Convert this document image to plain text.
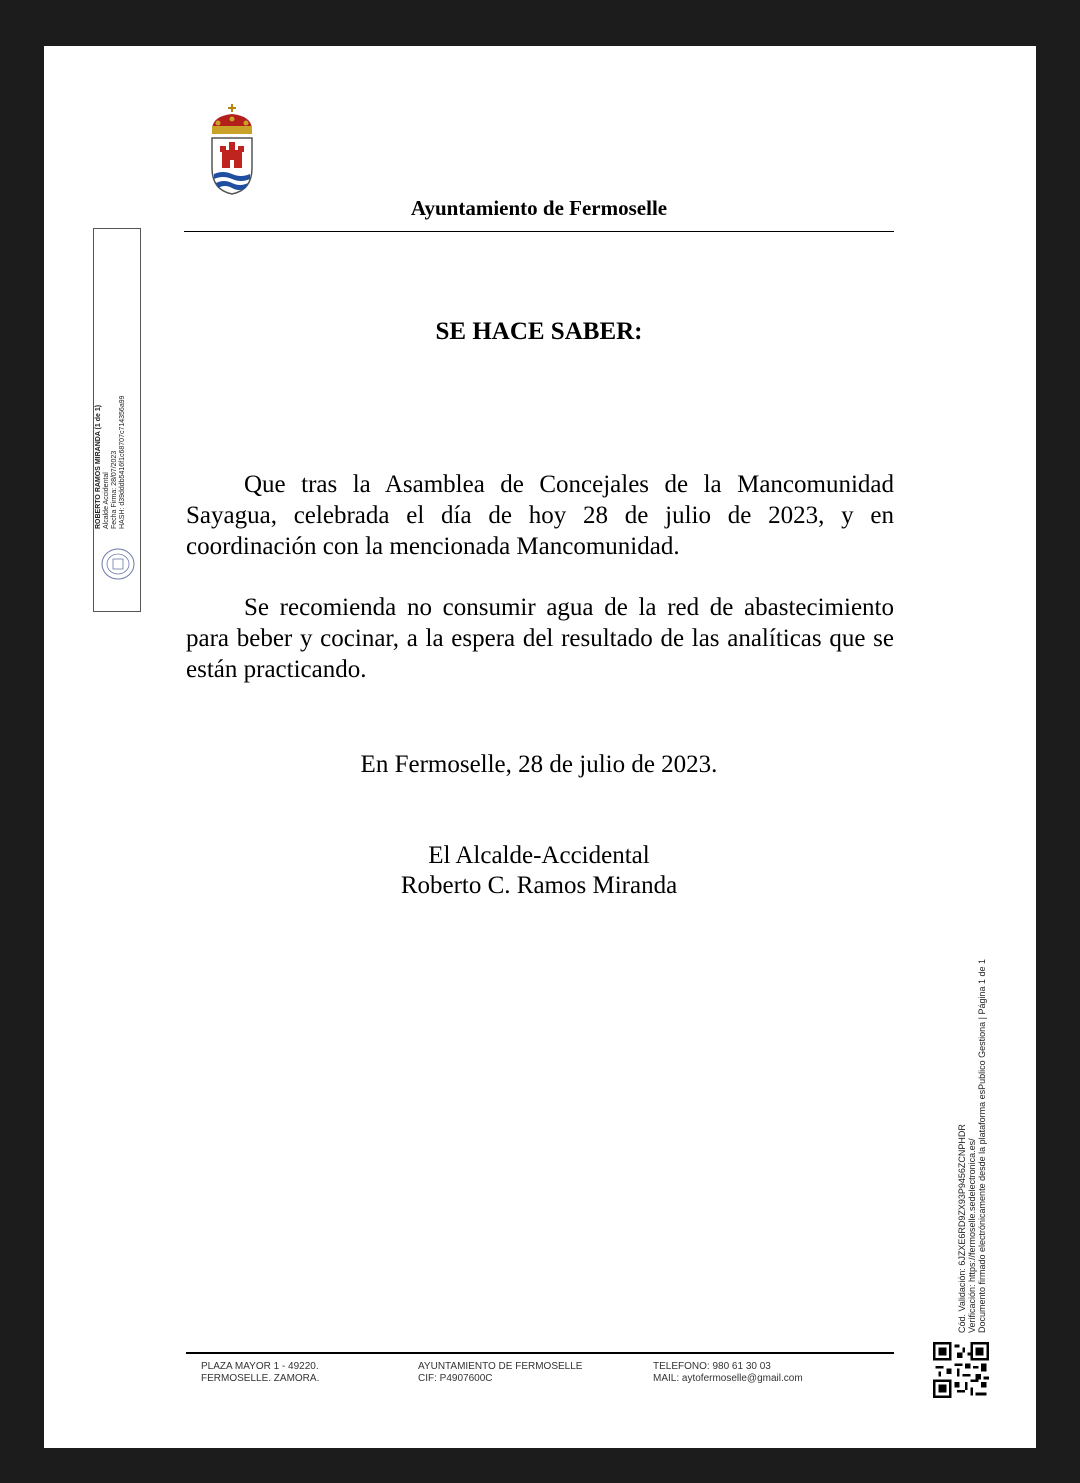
Ayuntamiento de Fermoselle
ROBERTO RAMOS MIRANDA (1 de 1) Alcalde Accidental Fecha Firma: 28/07/2023 HASH: d39dddb5416f1c68707c714356a99
SE HACE SABER:

Que tras la Asamblea de Concejales de la Mancomunidad Sayagua, celebrada el día de hoy 28 de julio de 2023, y en coordinación con la mencionada Mancomunidad.

Se recomienda no consumir agua de la red de abastecimiento para beber y cocinar, a la espera del resultado de las analíticas que se están practicando.

En Fermoselle, 28 de julio de 2023.
El Alcalde-Accidental
Roberto C. Ramos Miranda
Cód. Validación: 6JZXE6RD9ZX93P9456ZCNPHDR Verificación: https://fermoselle.sedelectronica.es/ Documento firmado electrónicamente desde la plataforma esPublico Gestiona | Página 1 de 1
PLAZA MAYOR 1 - 49220.
FERMOSELLE. ZAMORA.
AYUNTAMIENTO DE FERMOSELLE
CIF: P4907600C
TELEFONO: 980 61 30 03
MAIL: aytofermoselle@gmail.com
